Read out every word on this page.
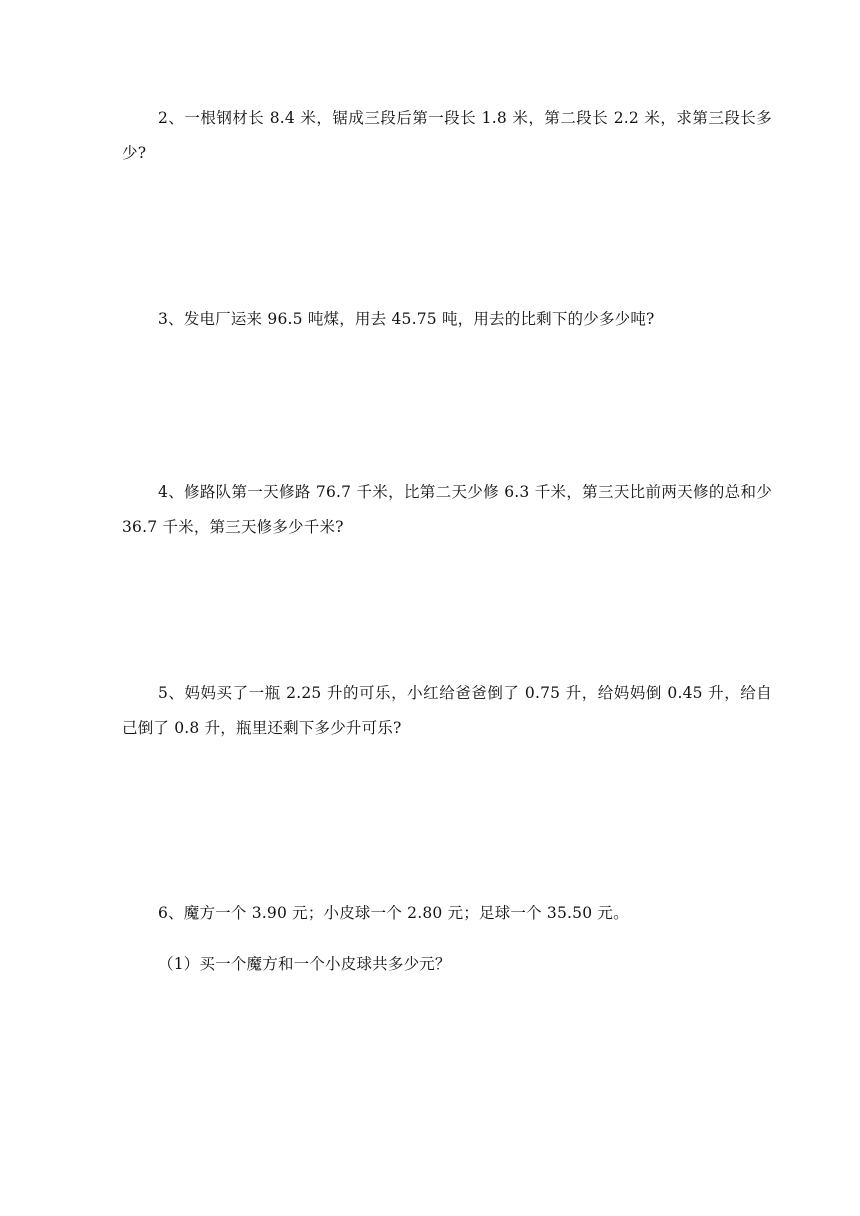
2、一根钢材长 8.4 米，锯成三段后第一段长 1.8 米，第二段长 2.2 米，求第三段长多少?

3、发电厂运来 96.5 吨煤，用去 45.75 吨，用去的比剩下的少多少吨?

4、修路队第一天修路 76.7 千米，比第二天少修 6.3 千米，第三天比前两天修的总和少 36.7 千米，第三天修多少千米?

5、妈妈买了一瓶 2.25 升的可乐，小红给爸爸倒了 0.75 升，给妈妈倒 0.45 升，给自己倒了 0.8 升，瓶里还剩下多少升可乐?

6、魔方一个 3.90 元；小皮球一个 2.80 元；足球一个 35.50 元。

（1）买一个魔方和一个小皮球共多少元？
